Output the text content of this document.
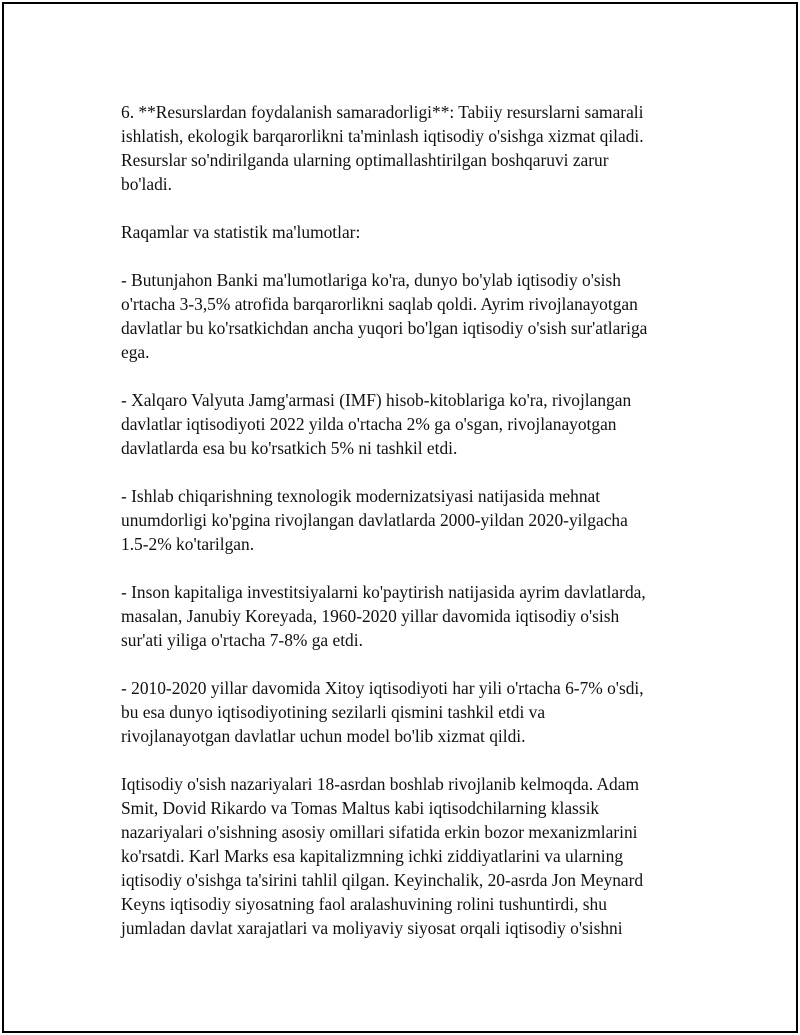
6. **Resurslardan foydalanish samaradorligi**: Tabiiy resurslarni samarali
ishlatish, ekologik barqarorlikni ta'minlash iqtisodiy o'sishga xizmat qiladi.
Resurslar so'ndirilganda ularning optimallashtirilgan boshqaruvi zarur
bo'ladi.

Raqamlar va statistik ma'lumotlar:

- Butunjahon Banki ma'lumotlariga ko'ra, dunyo bo'ylab iqtisodiy o'sish
o'rtacha 3-3,5% atrofida barqarorlikni saqlab qoldi. Ayrim rivojlanayotgan
davlatlar bu ko'rsatkichdan ancha yuqori bo'lgan iqtisodiy o'sish sur'atlariga
ega.

- Xalqaro Valyuta Jamg'armasi (IMF) hisob-kitoblariga ko'ra, rivojlangan
davlatlar iqtisodiyoti 2022 yilda o'rtacha 2% ga o'sgan, rivojlanayotgan
davlatlarda esa bu ko'rsatkich 5% ni tashkil etdi.

- Ishlab chiqarishning texnologik modernizatsiyasi natijasida mehnat
unumdorligi ko'pgina rivojlangan davlatlarda 2000-yildan 2020-yilgacha
1.5-2% ko'tarilgan.

- Inson kapitaliga investitsiyalarni ko'paytirish natijasida ayrim davlatlarda,
masalan, Janubiy Koreyada, 1960-2020 yillar davomida iqtisodiy o'sish
sur'ati yiliga o'rtacha 7-8% ga etdi.

- 2010-2020 yillar davomida Xitoy iqtisodiyoti har yili o'rtacha 6-7% o'sdi,
bu esa dunyo iqtisodiyotining sezilarli qismini tashkil etdi va
rivojlanayotgan davlatlar uchun model bo'lib xizmat qildi.

Iqtisodiy o'sish nazariyalari 18-asrdan boshlab rivojlanib kelmoqda. Adam
Smit, Dovid Rikardo va Tomas Maltus kabi iqtisodchilarning klassik
nazariyalari o'sishning asosiy omillari sifatida erkin bozor mexanizmlarini
ko'rsatdi. Karl Marks esa kapitalizmning ichki ziddiyatlarini va ularning
iqtisodiy o'sishga ta'sirini tahlil qilgan. Keyinchalik, 20-asrda Jon Meynard
Keyns iqtisodiy siyosatning faol aralashuvining rolini tushuntirdi, shu
jumladan davlat xarajatlari va moliyaviy siyosat orqali iqtisodiy o'sishni
